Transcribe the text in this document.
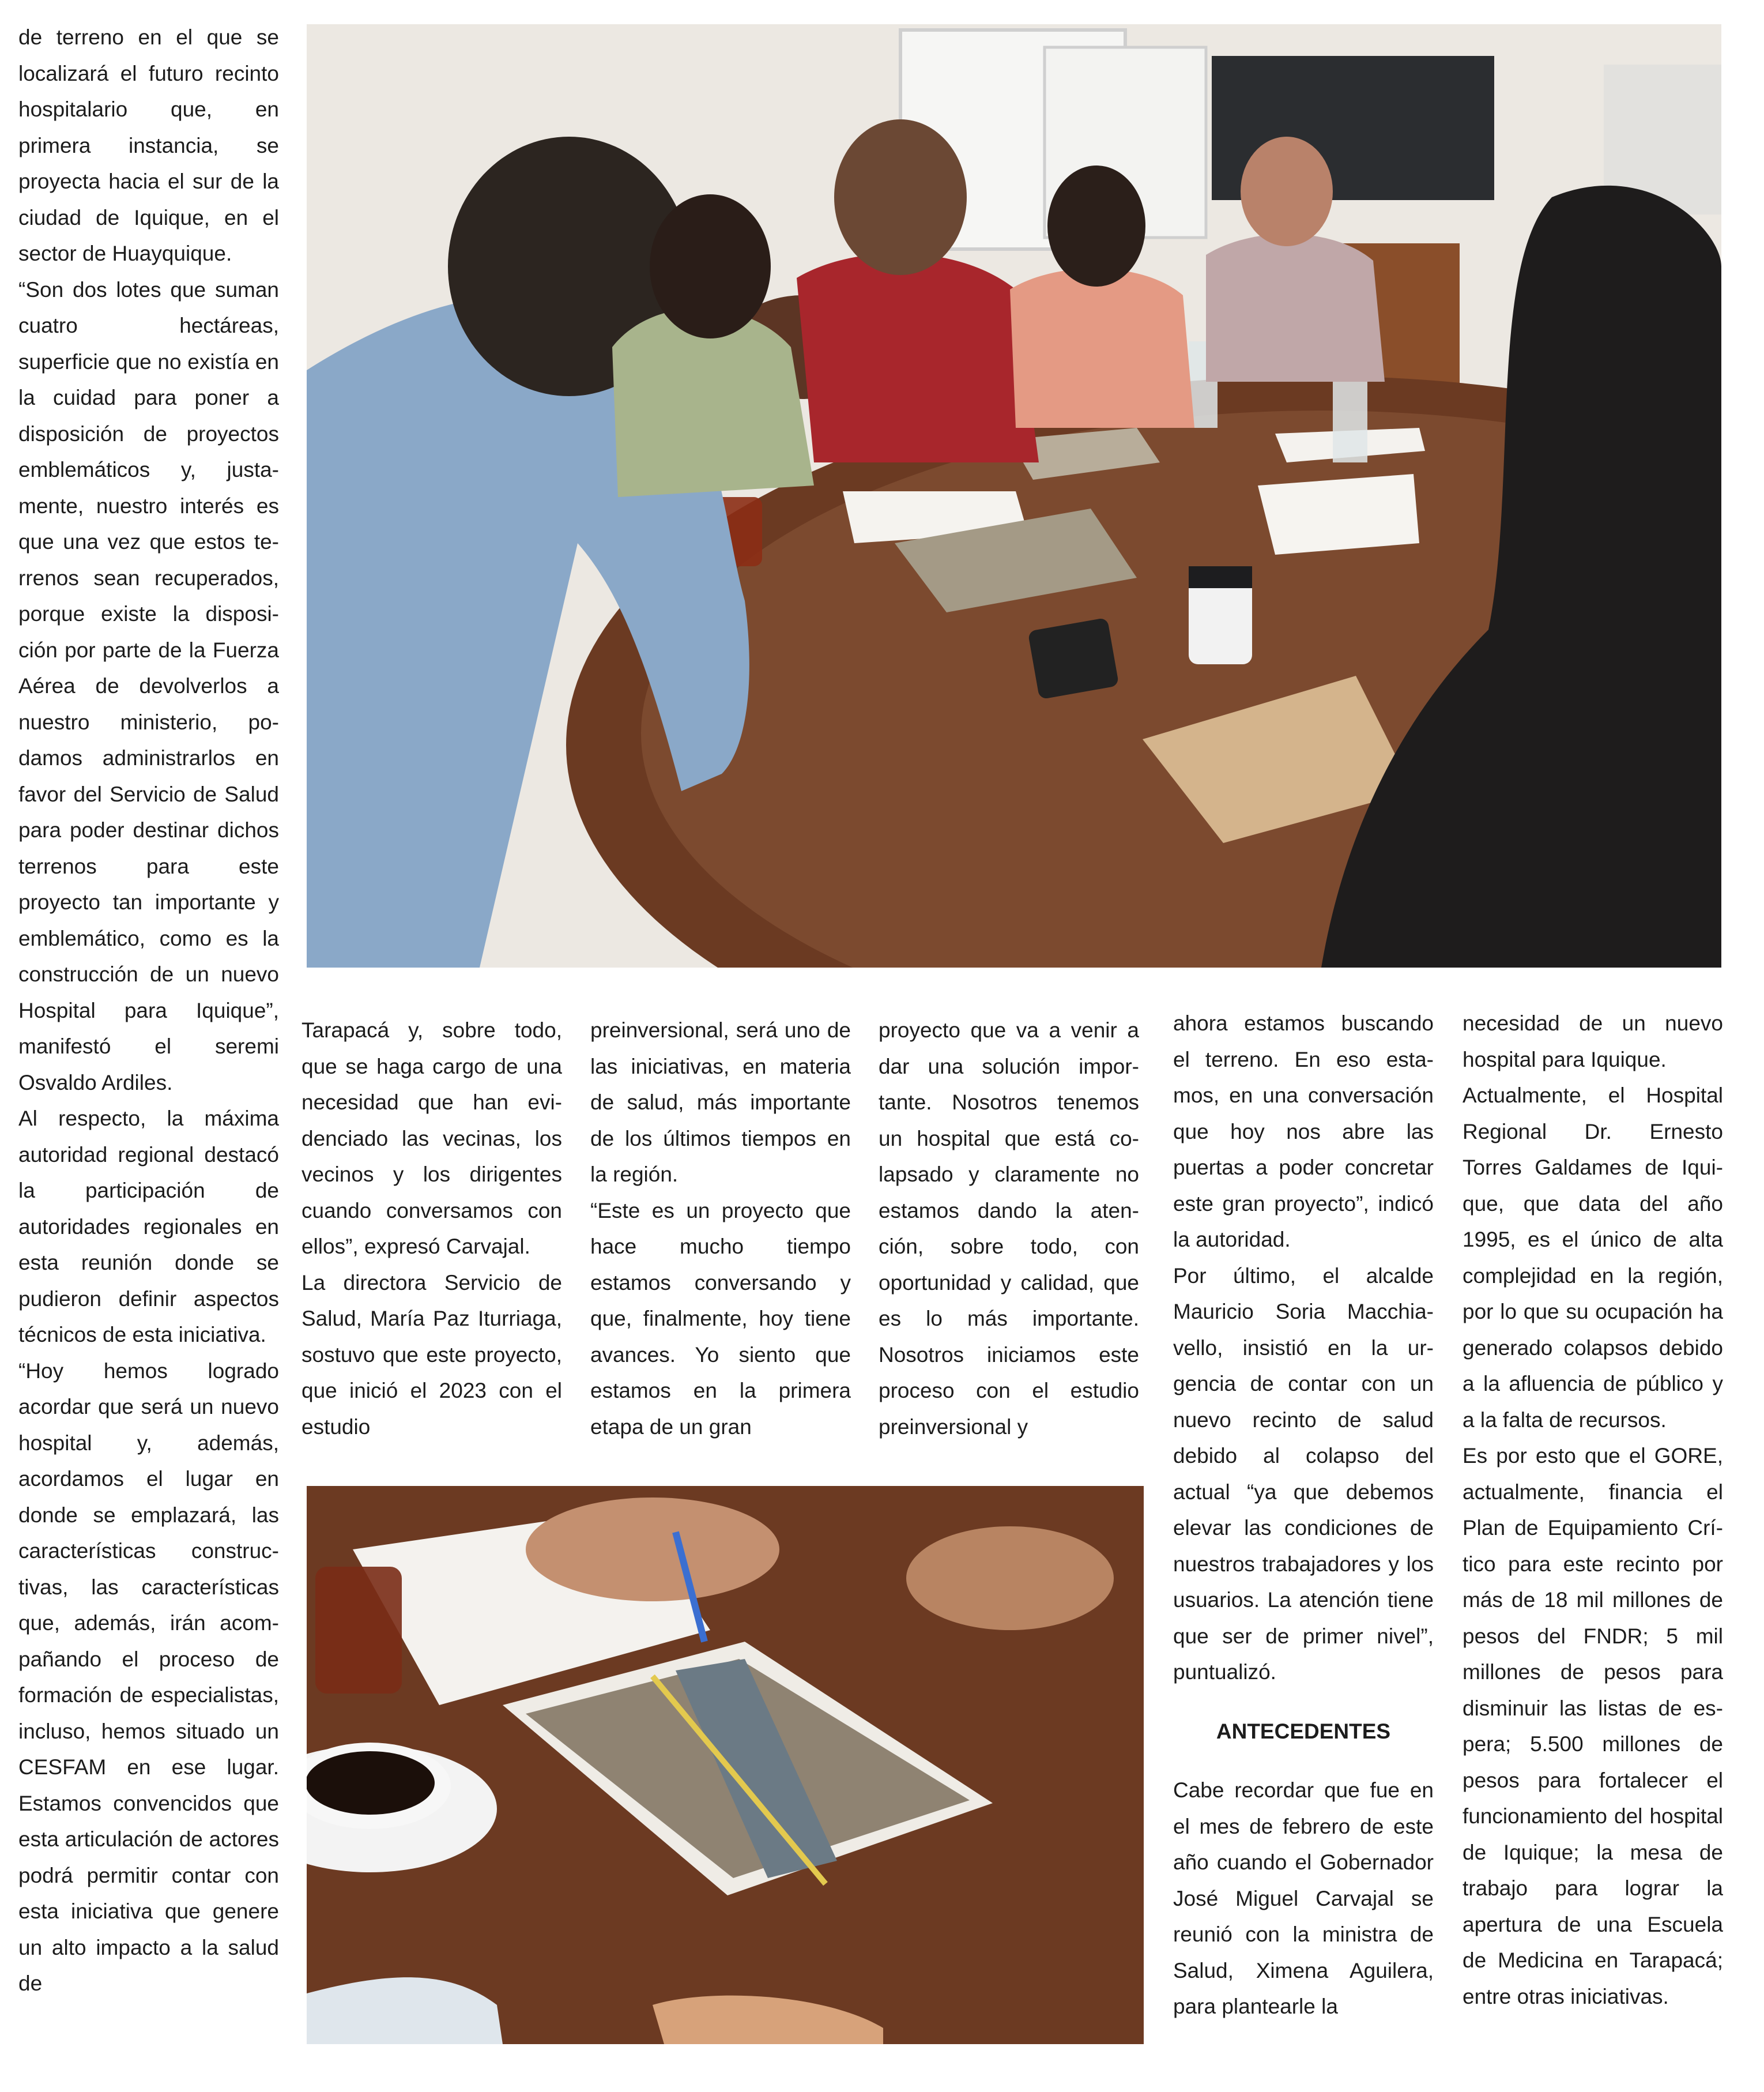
de terreno en el que se localizará el futuro recinto hospitalario que, en primera instancia, se proyecta hacia el sur de la ciudad de Iquique, en el sector de Huayquique.

“Son dos lotes que suman cuatro hectáreas, superficie que no existía en la cuidad para poner a disposición de proyectos emblemáticos y, justamente, nuestro interés es que una vez que estos terrenos sean recuperados, porque existe la disposición por parte de la Fuerza Aérea de devolverlos a nuestro ministerio, podamos administrarlos en favor del Servicio de Salud para poder destinar dichos terrenos para este proyecto tan importante y emblemático, como es la construcción de un nuevo Hospital para Iquique”, manifestó el seremi Osvaldo Ardiles.

Al respecto, la máxima autoridad regional destacó la participación de autoridades regionales en esta reunión donde se pudieron definir aspectos técnicos de esta iniciativa.

“Hoy hemos logrado acordar que será un nuevo hospital y, además, acordamos el lugar en donde se emplazará, las características constructivas, las características que, además, irán acompañando el proceso de formación de especialistas, incluso, hemos situado un CESFAM en ese lugar. Estamos convencidos que esta articulación de actores podrá permitir contar con esta iniciativa que genere un alto impacto a la salud de

Tarapacá y, sobre todo, que se haga cargo de una necesidad que han evidenciado las vecinas, los vecinos y los dirigentes cuando conversamos con ellos”, expresó Carvajal.

La directora Servicio de Salud, María Paz Iturriaga, sostuvo que este proyecto, que inició el 2023 con el estudio

preinversional, será uno de las iniciativas, en materia de salud, más importante de los últimos tiempos en la región.

“Este es un proyecto que hace mucho tiempo estamos conversando y que, finalmente, hoy tiene avances. Yo siento que estamos en la primera etapa de un gran

proyecto que va a venir a dar una solución importante. Nosotros tenemos un hospital que está colapsado y claramente no estamos dando la atención, sobre todo, con oportunidad y calidad, que es lo más importante. Nosotros iniciamos este proceso con el estudio preinversional y

ahora estamos buscando el terreno. En eso estamos, en una conversación que hoy nos abre las puertas a poder concretar este gran proyecto”, indicó la autoridad.

Por último, el alcalde Mauricio Soria Macchiavello, insistió en la urgencia de contar con un nuevo recinto de salud debido al colapso del actual “ya que debemos elevar las condiciones de nuestros trabajadores y los usuarios. La atención tiene que ser de primer nivel”, puntualizó.

ANTECEDENTES

Cabe recordar que fue en el mes de febrero de este año cuando el Gobernador José Miguel Carvajal se reunió con la ministra de Salud, Ximena Aguilera, para plantearle la

necesidad de un nuevo hospital para Iquique.

Actualmente, el Hospital Regional Dr. Ernesto Torres Galdames de Iquique, que data del año 1995, es el único de alta complejidad en la región, por lo que su ocupación ha generado colapsos debido a la afluencia de público y a la falta de recursos.

Es por esto que el GORE, actualmente, financia el Plan de Equipamiento Crítico para este recinto por más de 18 mil millones de pesos del FNDR; 5 mil millones de pesos para disminuir las listas de espera; 5.500 millones de pesos para fortalecer el funcionamiento del hospital de Iquique; la mesa de trabajo para lograr la apertura de una Escuela de Medicina en Tarapacá; entre otras iniciativas.
